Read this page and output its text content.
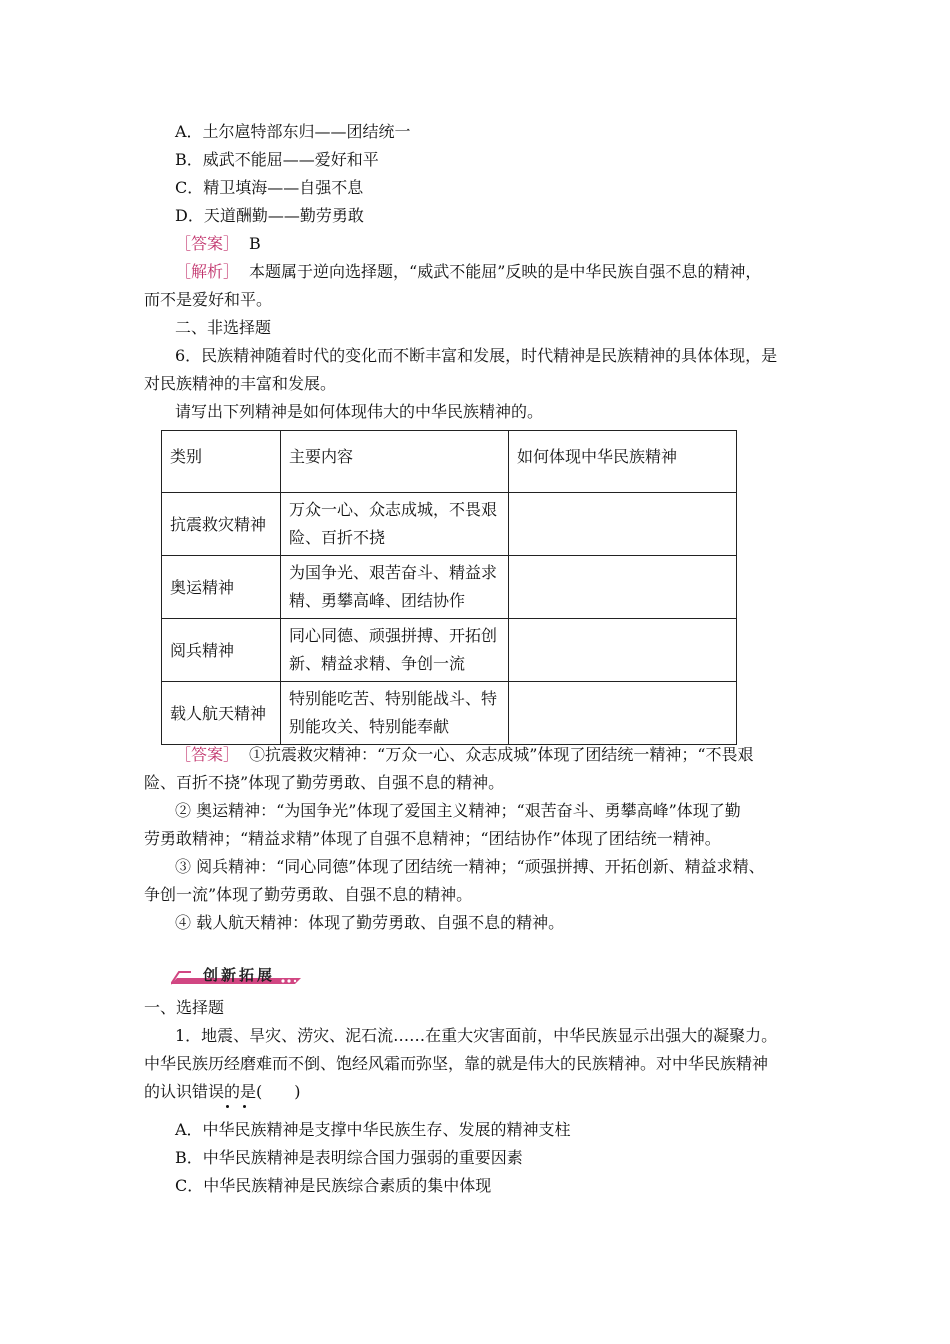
A．土尔扈特部东归——团结统一
B．威武不能屈——爱好和平
C．精卫填海——自强不息
D．天道酬勤——勤劳勇敢
［答案］ B
［解析］ 本题属于逆向选择题，“威武不能屈”反映的是中华民族自强不息的精神，
而不是爱好和平。
二、非选择题
6．民族精神随着时代的变化而不断丰富和发展，时代精神是民族精神的具体体现，是
对民族精神的丰富和发展。
请写出下列精神是如何体现伟大的中华民族精神的。
类别	主要内容	如何体现中华民族精神
抗震救灾精神	万众一心、众志成城，不畏艰
险、百折不挠	

奥运精神	为国争光、艰苦奋斗、精益求
精、勇攀高峰、团结协作	

阅兵精神	同心同德、顽强拼搏、开拓创
新、精益求精、争创一流	

载人航天精神	特别能吃苦、特别能战斗、特
别能攻关、特别能奉献	

［答案］ ①抗震救灾精神：“万众一心、众志成城”体现了团结统一精神；“不畏艰
险、百折不挠”体现了勤劳勇敢、自强不息的精神。
② 奥运精神：“为国争光”体现了爱国主义精神；“艰苦奋斗、勇攀高峰”体现了勤
劳勇敢精神；“精益求精”体现了自强不息精神；“团结协作”体现了团结统一精神。
③ 阅兵精神：“同心同德”体现了团结统一精神；“顽强拼搏、开拓创新、精益求精、
争创一流”体现了勤劳勇敢、自强不息的精神。
④ 载人航天精神：体现了勤劳勇敢、自强不息的精神。
创新拓展
一、选择题
1．地震、旱灾、涝灾、泥石流……在重大灾害面前，中华民族显示出强大的凝聚力。
中华民族历经磨难而不倒、饱经风霜而弥坚，靠的就是伟大的民族精神。对中华民族精神
的认识错误的是(　　)
A．中华民族精神是支撑中华民族生存、发展的精神支柱
B．中华民族精神是表明综合国力强弱的重要因素
C．中华民族精神是民族综合素质的集中体现
